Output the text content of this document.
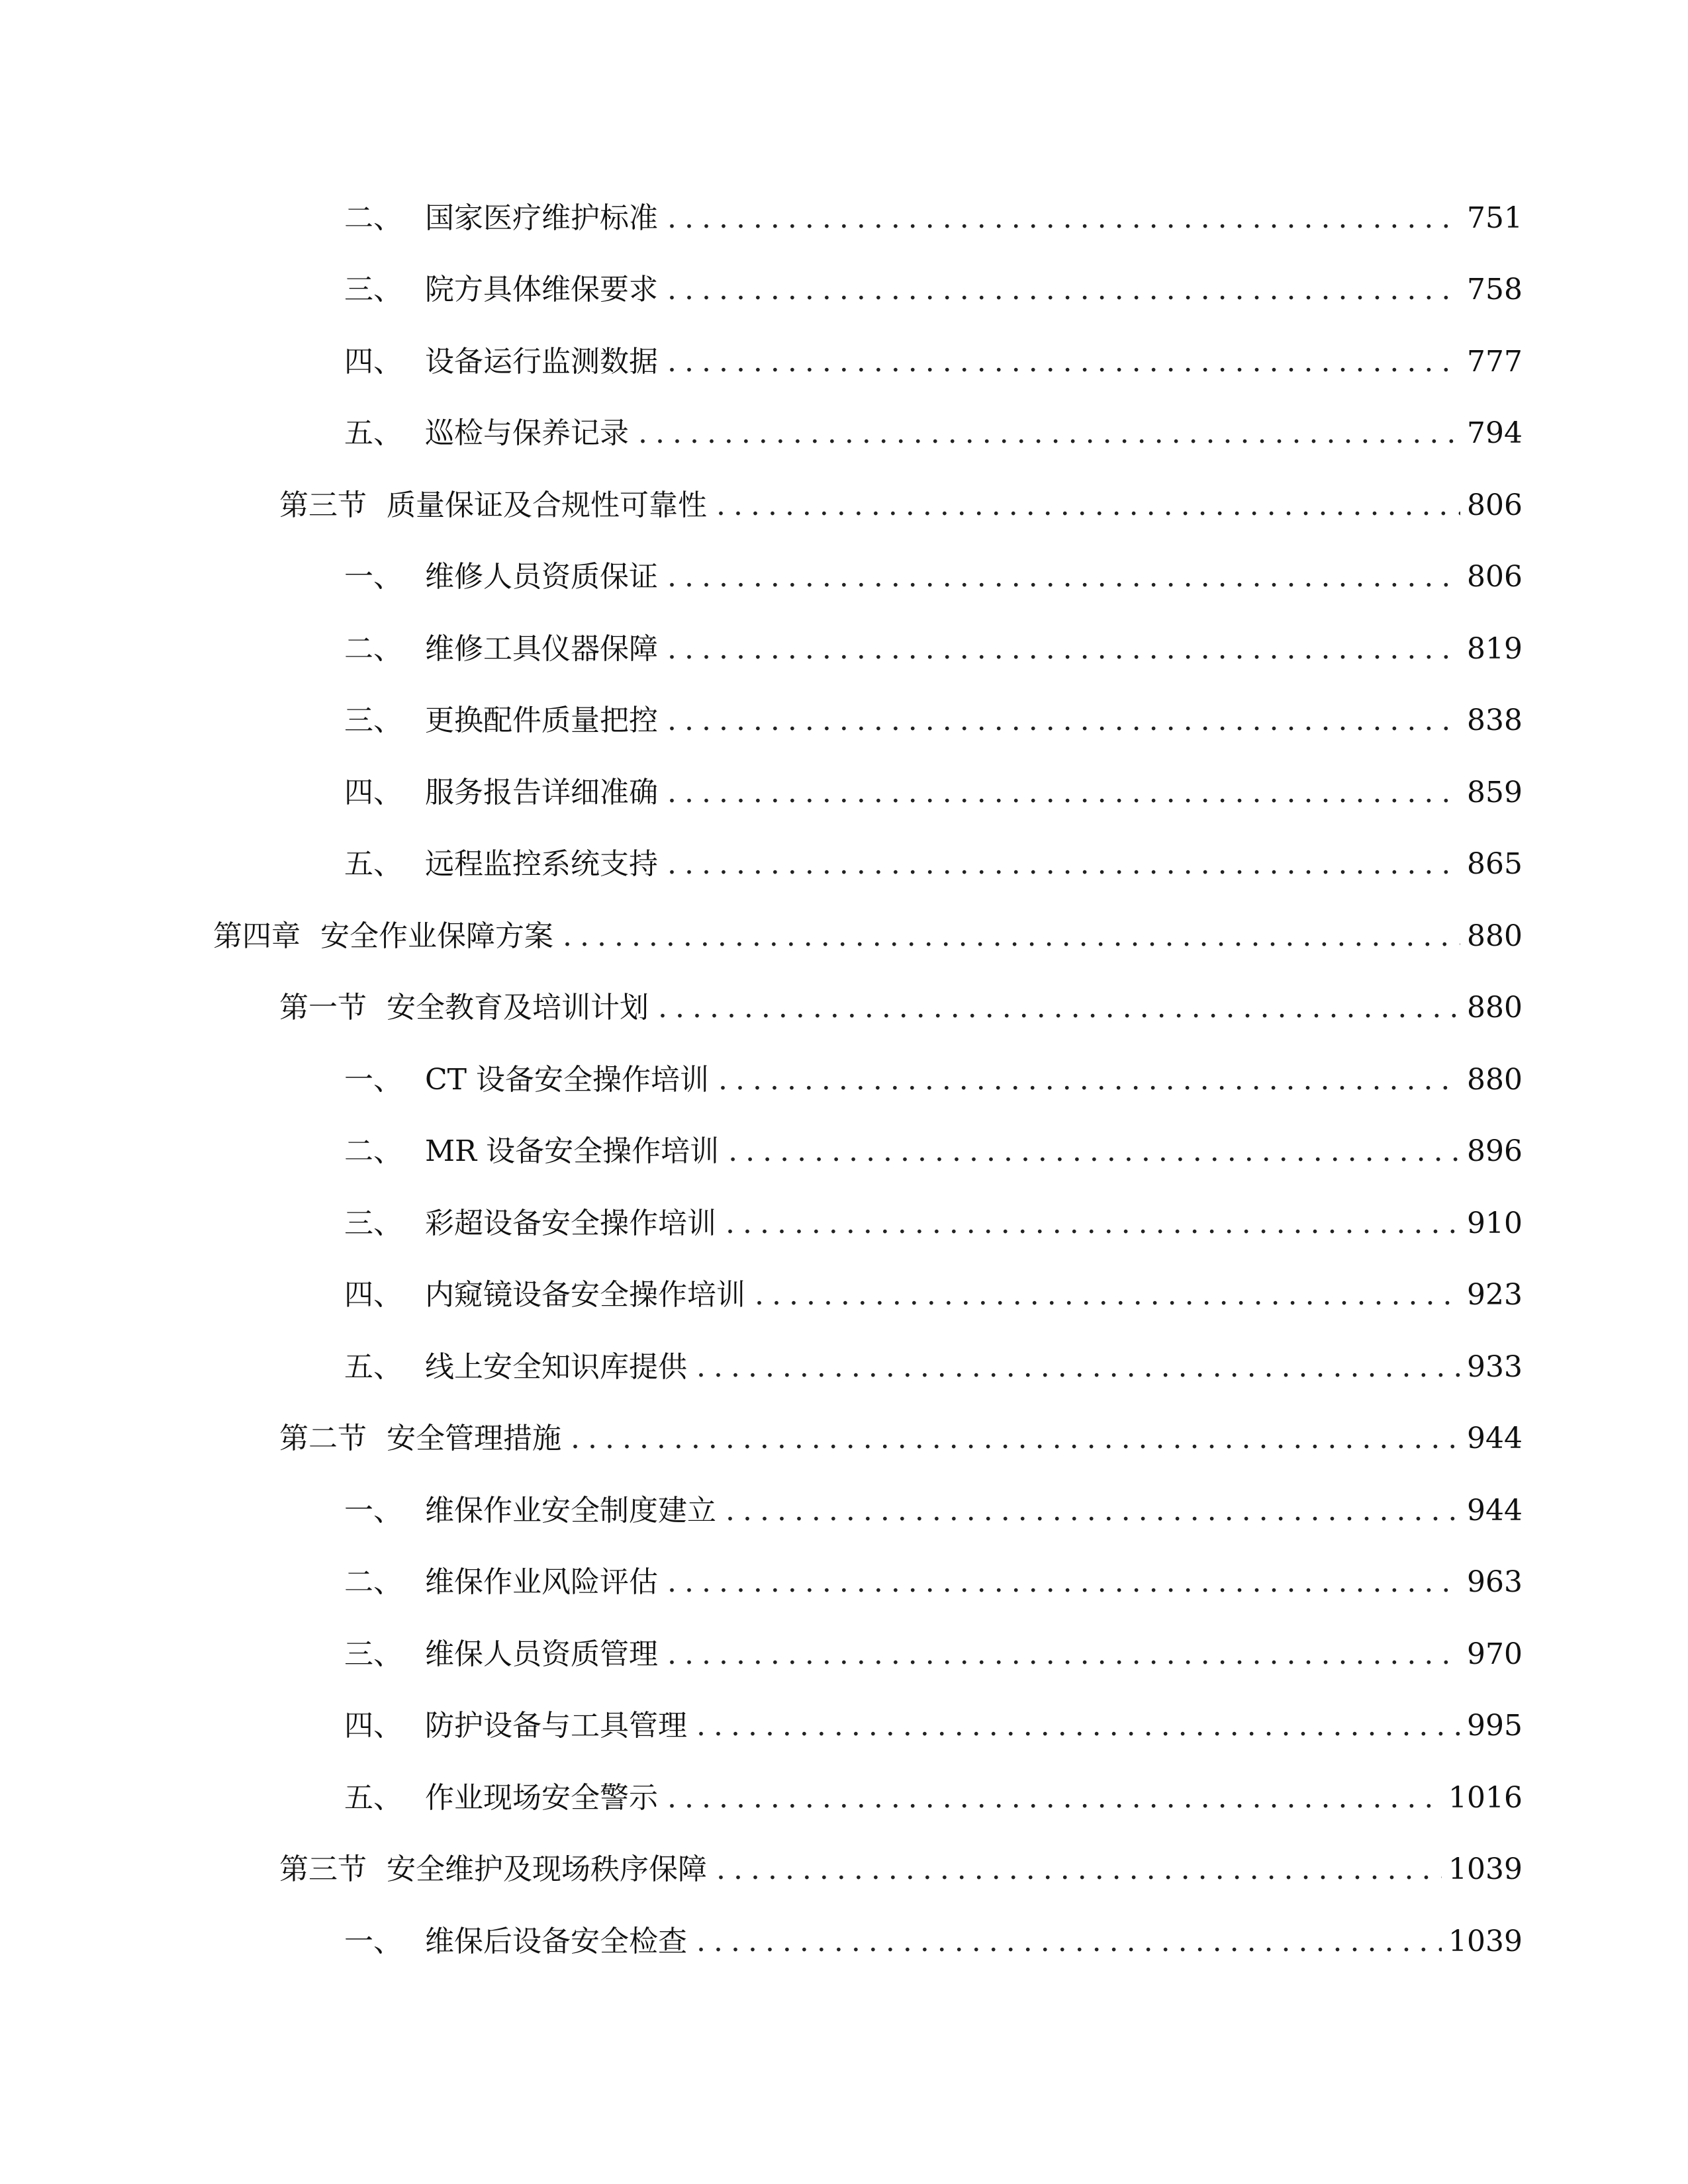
二、 国家医疗维护标准 .....	751
三、 院方具体维保要求 .....	758
四、 设备运行监测数据 .....	777
五、 巡检与保养记录 .....	794
第三节 质量保证及合规性可靠性 .....	806
一、 维修人员资质保证 .....	806
二、 维修工具仪器保障 .....	819
三、 更换配件质量把控 .....	838
四、 服务报告详细准确 .....	859
五、 远程监控系统支持 .....	865
第四章 安全作业保障方案 .....	880
第一节 安全教育及培训计划 .....	880
一、 CT 设备安全操作培训 .....	880
二、 MR 设备安全操作培训 .....	896
三、 彩超设备安全操作培训 .....	910
四、 内窥镜设备安全操作培训 .....	923
五、 线上安全知识库提供 .....	933
第二节 安全管理措施 .....	944
一、 维保作业安全制度建立 .....	944
二、 维保作业风险评估 .....	963
三、 维保人员资质管理 .....	970
四、 防护设备与工具管理 .....	995
五、 作业现场安全警示 .....	1016
第三节 安全维护及现场秩序保障 .....	1039
一、 维保后设备安全检查 .....	1039
